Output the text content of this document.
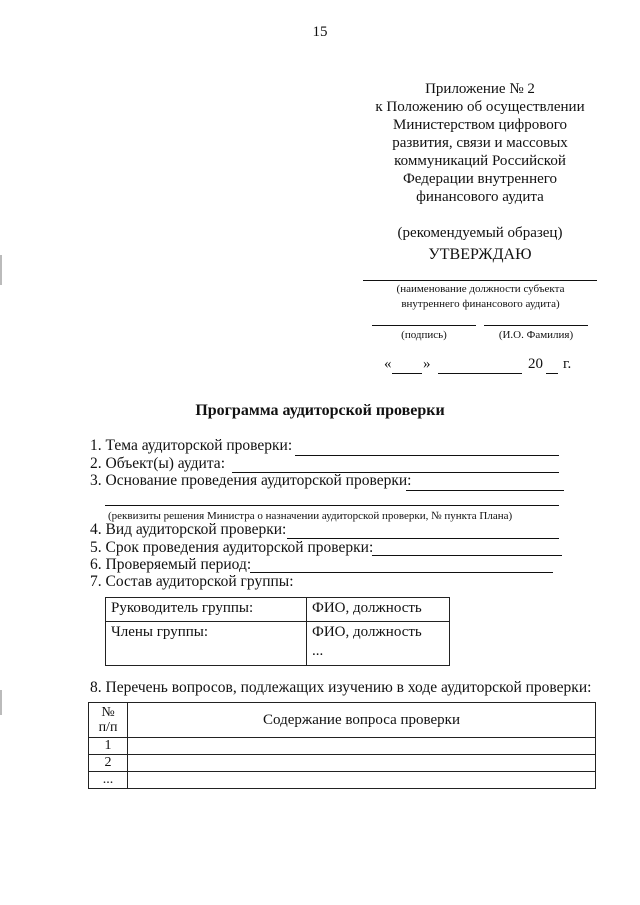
15
Приложение № 2
к Положению об осуществлении
Министерством цифрового
развития, связи и массовых
коммуникаций Российской
Федерации внутреннего
финансового аудита
(рекомендуемый образец)
УТВЕРЖДАЮ
(наименование должности субъекта внутреннего финансового аудита)
(подпись)	(И.О. Фамилия)
« »	20 г.
Программа аудиторской проверки
1. Тема аудиторской проверки:
2. Объект(ы) аудита:
3. Основание проведения аудиторской проверки:
(реквизиты решения Министра о назначении аудиторской проверки, № пункта Плана)
4. Вид аудиторской проверки:
5. Срок проведения аудиторской проверки:
6. Проверяемый период:
7. Состав аудиторской группы:
Руководитель группы:	ФИО, должность
Члены группы:	ФИО, должность
...
8. Перечень вопросов, подлежащих изучению в ходе аудиторской проверки:
№
п/п	Содержание вопроса проверки
1	
2	
...	
